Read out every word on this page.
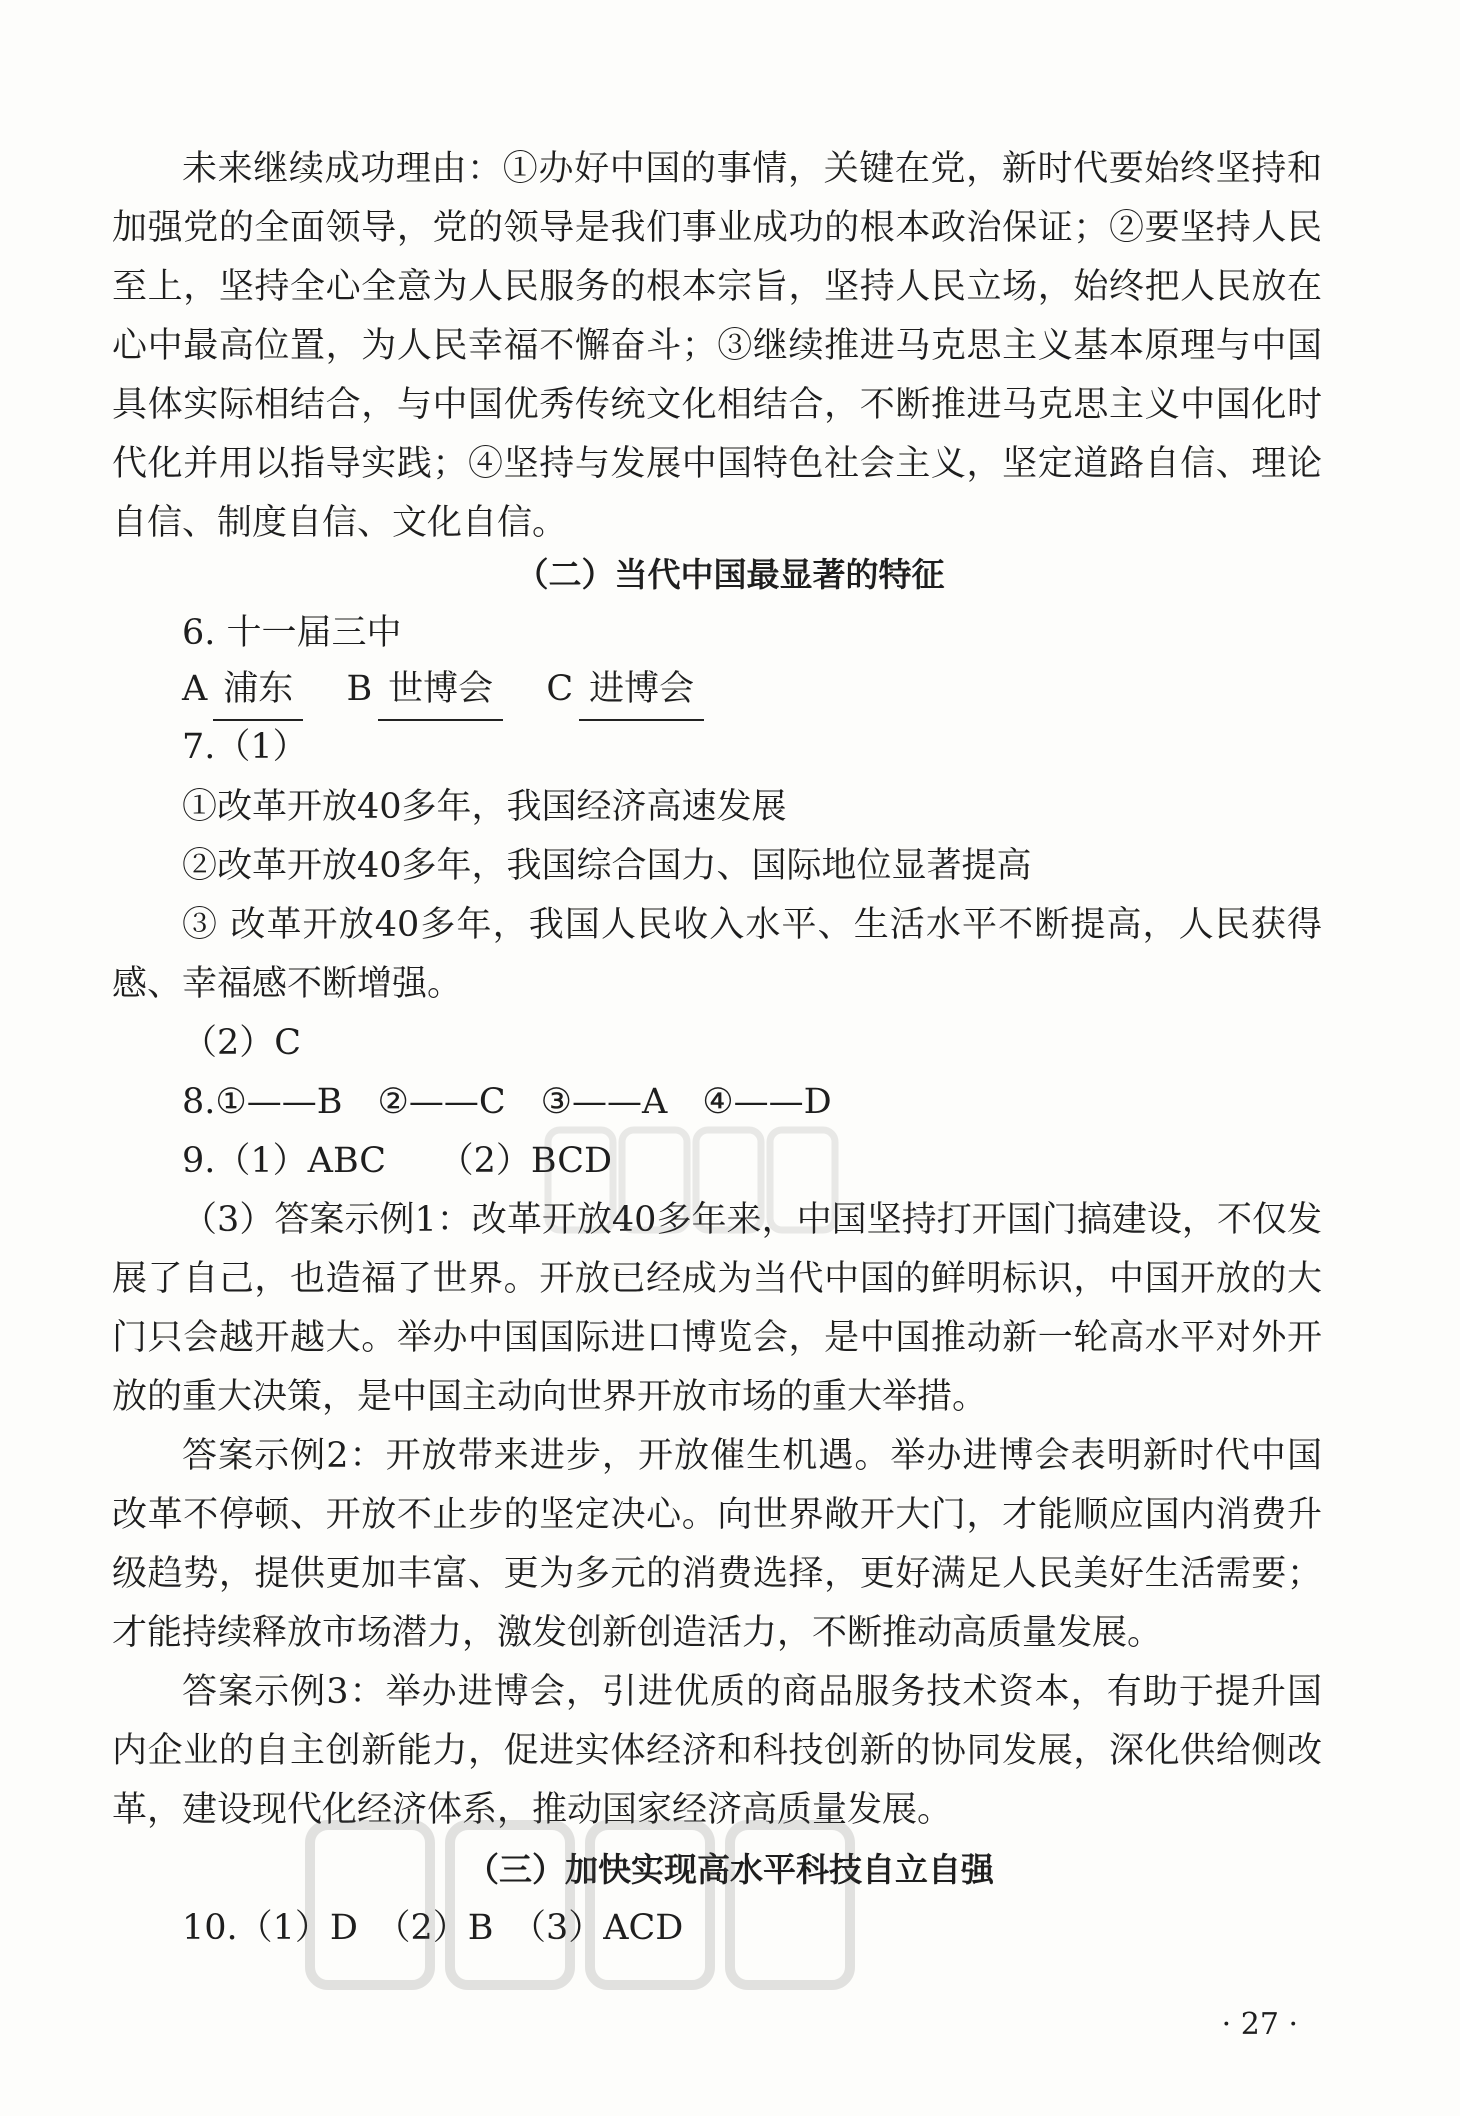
未来继续成功理由：①办好中国的事情，关键在党，新时代要始终坚持和加强党的全面领导，党的领导是我们事业成功的根本政治保证；②要坚持人民至上，坚持全心全意为人民服务的根本宗旨，坚持人民立场，始终把人民放在心中最高位置，为人民幸福不懈奋斗；③继续推进马克思主义基本原理与中国具体实际相结合，与中国优秀传统文化相结合，不断推进马克思主义中国化时代化并用以指导实践；④坚持与发展中国特色社会主义，坚定道路自信、理论自信、制度自信、文化自信。

（二）当代中国最显著的特征

6. 十一届三中

A 浦东 B 世博会 C 进博会

7.（1）

①改革开放40多年，我国经济高速发展

②改革开放40多年，我国综合国力、国际地位显著提高

③ 改革开放40多年，我国人民收入水平、生活水平不断提高，人民获得感、幸福感不断增强。

（2）C

8.①——B　②——C　③——A　④——D

9.（1）ABC　　（2）BCD

（3）答案示例1：改革开放40多年来，中国坚持打开国门搞建设，不仅发展了自己，也造福了世界。开放已经成为当代中国的鲜明标识，中国开放的大门只会越开越大。举办中国国际进口博览会，是中国推动新一轮高水平对外开放的重大决策，是中国主动向世界开放市场的重大举措。

答案示例2：开放带来进步，开放催生机遇。举办进博会表明新时代中国改革不停顿、开放不止步的坚定决心。向世界敞开大门，才能顺应国内消费升级趋势，提供更加丰富、更为多元的消费选择，更好满足人民美好生活需要；才能持续释放市场潜力，激发创新创造活力，不断推动高质量发展。

答案示例3：举办进博会，引进优质的商品服务技术资本，有助于提升国内企业的自主创新能力，促进实体经济和科技创新的协同发展，深化供给侧改革，建设现代化经济体系，推动国家经济高质量发展。

（三）加快实现高水平科技自立自强

10.（1）D　（2）B　（3）ACD

· 27 ·
